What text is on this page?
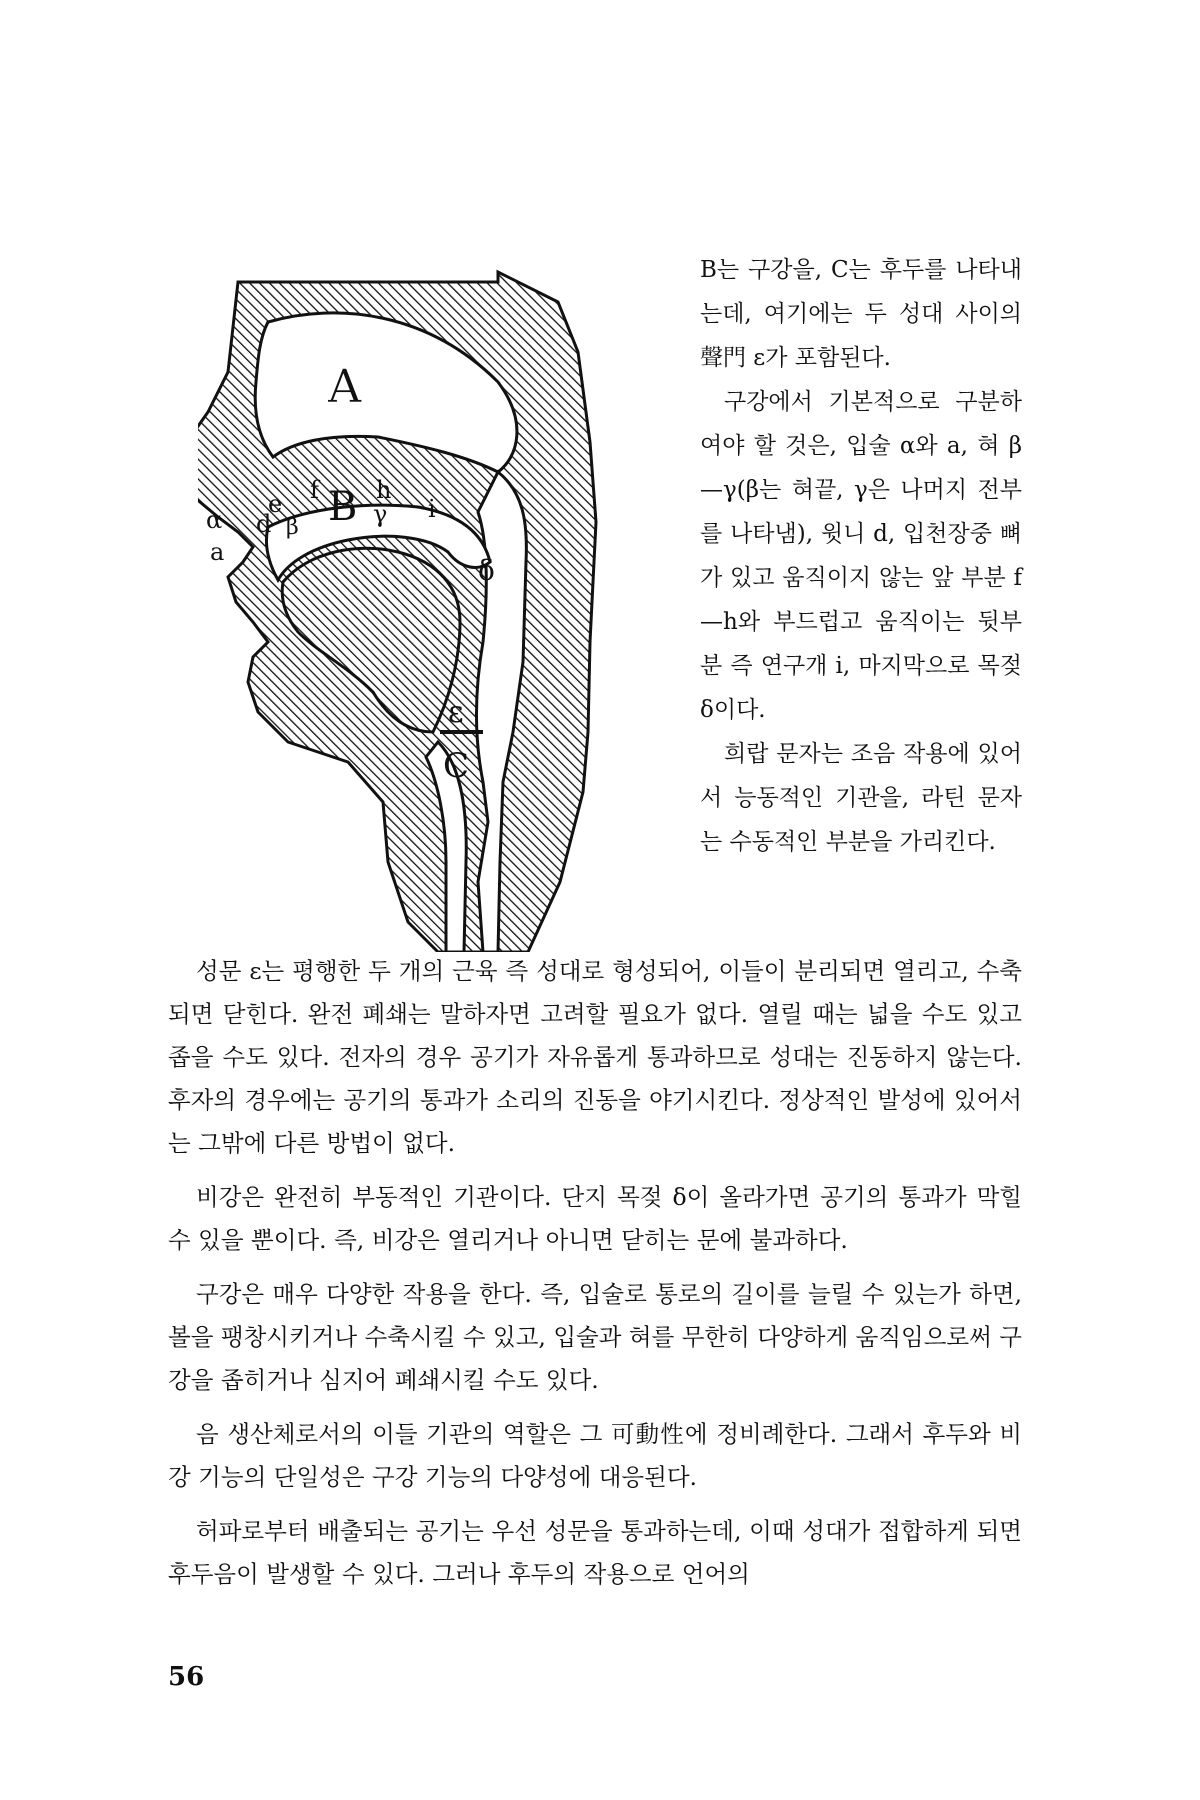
A
B
C
ε
α
a
d
e f h
β	γ i
δ

B는 구강을, C는 후두를 나타내는데, 여기에는 두 성대 사이의 聲門 ε가 포함된다.

구강에서 기본적으로 구분하여야 할 것은, 입술 α와 a, 혀 β—γ(β는 혀끝, γ은 나머지 전부를 나타냄), 윗니 d, 입천장중 뼈가 있고 움직이지 않는 앞 부분 f—h와 부드럽고 움직이는 뒷부분 즉 연구개 i, 마지막으로 목젖 δ이다.

희랍 문자는 조음 작용에 있어서 능동적인 기관을, 라틴 문자는 수동적인 부분을 가리킨다.

성문 ε는 평행한 두 개의 근육 즉 성대로 형성되어, 이들이 분리되면 열리고, 수축되면 닫힌다. 완전 폐쇄는 말하자면 고려할 필요가 없다. 열릴 때는 넓을 수도 있고 좁을 수도 있다. 전자의 경우 공기가 자유롭게 통과하므로 성대는 진동하지 않는다. 후자의 경우에는 공기의 통과가 소리의 진동을 야기시킨다. 정상적인 발성에 있어서는 그밖에 다른 방법이 없다.

비강은 완전히 부동적인 기관이다. 단지 목젖 δ이 올라가면 공기의 통과가 막힐 수 있을 뿐이다. 즉, 비강은 열리거나 아니면 닫히는 문에 불과하다.

구강은 매우 다양한 작용을 한다. 즉, 입술로 통로의 길이를 늘릴 수 있는가 하면, 볼을 팽창시키거나 수축시킬 수 있고, 입술과 혀를 무한히 다양하게 움직임으로써 구강을 좁히거나 심지어 폐쇄시킬 수도 있다.

음 생산체로서의 이들 기관의 역할은 그 可動性에 정비례한다. 그래서 후두와 비강 기능의 단일성은 구강 기능의 다양성에 대응된다.

허파로부터 배출되는 공기는 우선 성문을 통과하는데, 이때 성대가 접합하게 되면 후두음이 발생할 수 있다. 그러나 후두의 작용으로 언어의

56
